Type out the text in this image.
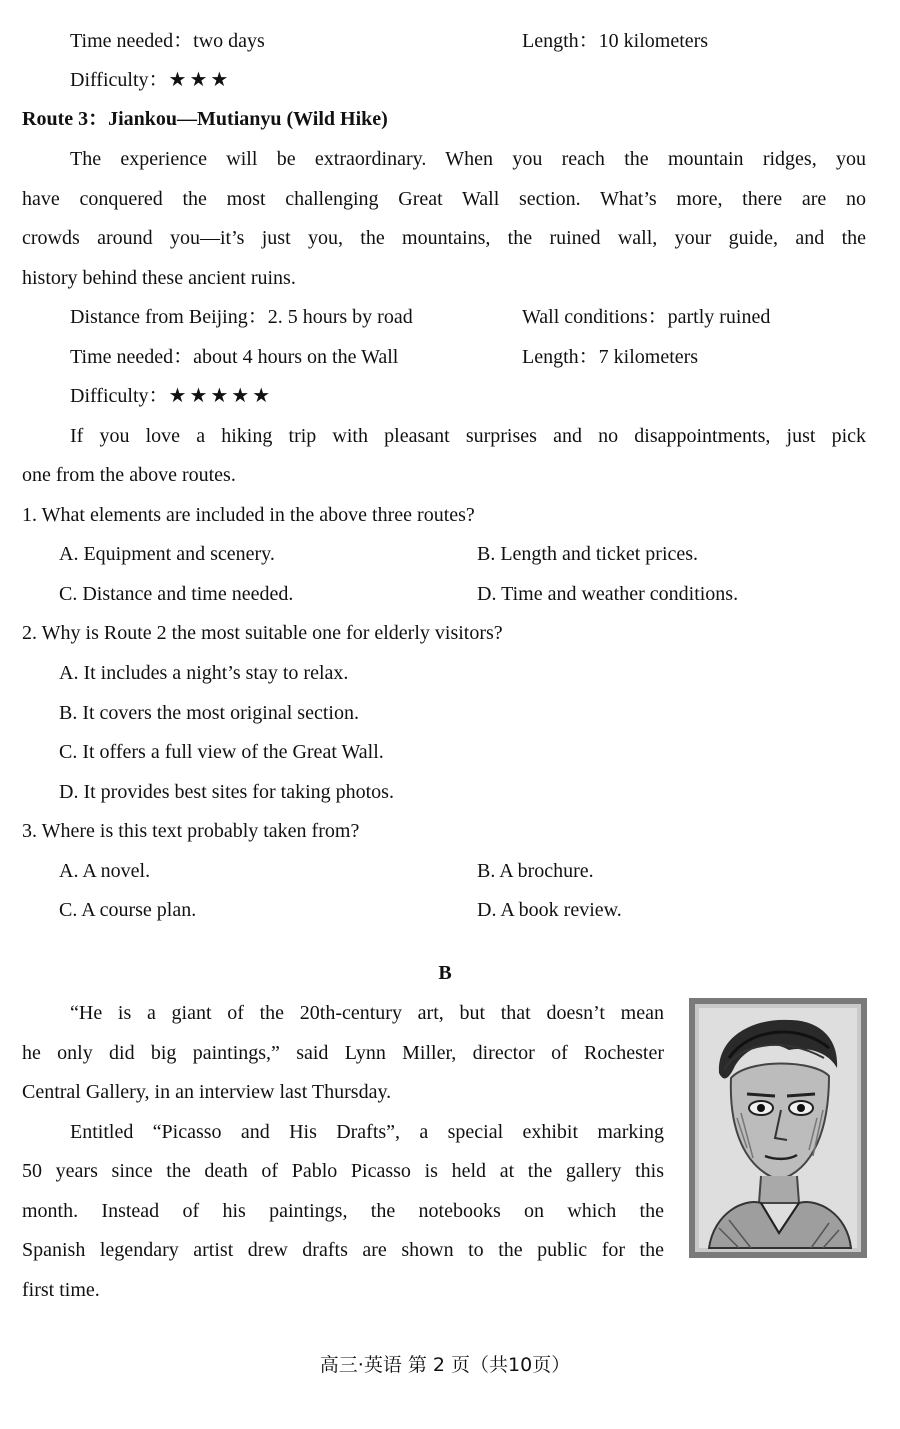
Time needed：two days	Length：10 kilometers
Difficulty：★★★
Route 3：Jiankou—Mutianyu (Wild Hike)
The experience will be extraordinary. When you reach the mountain ridges, you
have conquered the most challenging Great Wall section. What’s more, there are no
crowds around you—it’s just you, the mountains, the ruined wall, your guide, and the
history behind these ancient ruins.
Distance from Beijing：2. 5 hours by road	Wall conditions：partly ruined
Time needed：about 4 hours on the Wall	Length：7 kilometers
Difficulty：★★★★★
If you love a hiking trip with pleasant surprises and no disappointments, just pick
one from the above routes.
1. What elements are included in the above three routes?
A. Equipment and scenery.	B. Length and ticket prices.
C. Distance and time needed.	D. Time and weather conditions.
2. Why is Route 2 the most suitable one for elderly visitors?
A. It includes a night’s stay to relax.
B. It covers the most original section.
C. It offers a full view of the Great Wall.
D. It provides best sites for taking photos.
3. Where is this text probably taken from?
A. A novel.	B. A brochure.
C. A course plan.	D. A book review.
B
“He is a giant of the 20th-century art, but that doesn’t mean
he only did big paintings,” said Lynn Miller, director of Rochester
Central Gallery, in an interview last Thursday.
Entitled “Picasso and His Drafts”, a special exhibit marking
50 years since the death of Pablo Picasso is held at the gallery this
month. Instead of his paintings, the notebooks on which the
Spanish legendary artist drew drafts are shown to the public for the
first time.
高三·英语 第 2 页（共10页）
